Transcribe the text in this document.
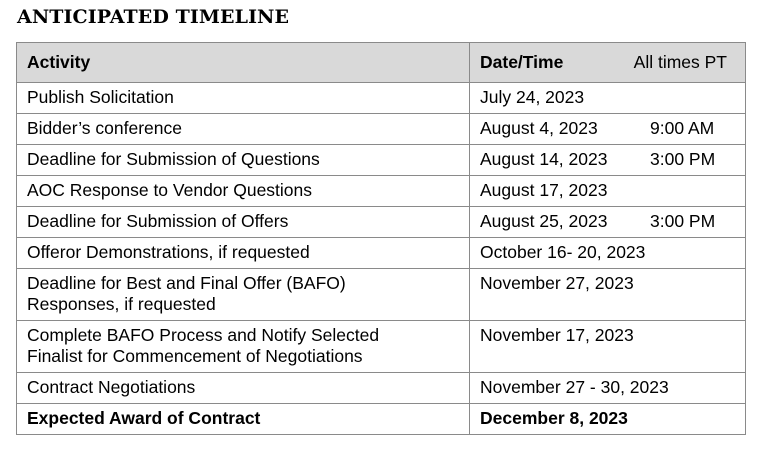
ANTICIPATED TIMELINE
Activity	Date/Time All times PT

Publish Solicitation	July 24, 2023
Bidder’s conference	August 4, 2023 9:00 AM

Deadline for Submission of Questions	August 14, 2023 3:00 PM

AOC Response to Vendor Questions	August 17, 2023
Deadline for Submission of Offers	August 25, 2023 3:00 PM

Offeror Demonstrations, if requested	October 16- 20, 2023

Deadline for Best and Final Offer (BAFO)
Responses, if requested	November 27, 2023

Complete BAFO Process and Notify Selected
Finalist for Commencement of Negotiations	November 17, 2023
Contract Negotiations	November 27 - 30, 2023
Expected Award of Contract	December 8, 2023
